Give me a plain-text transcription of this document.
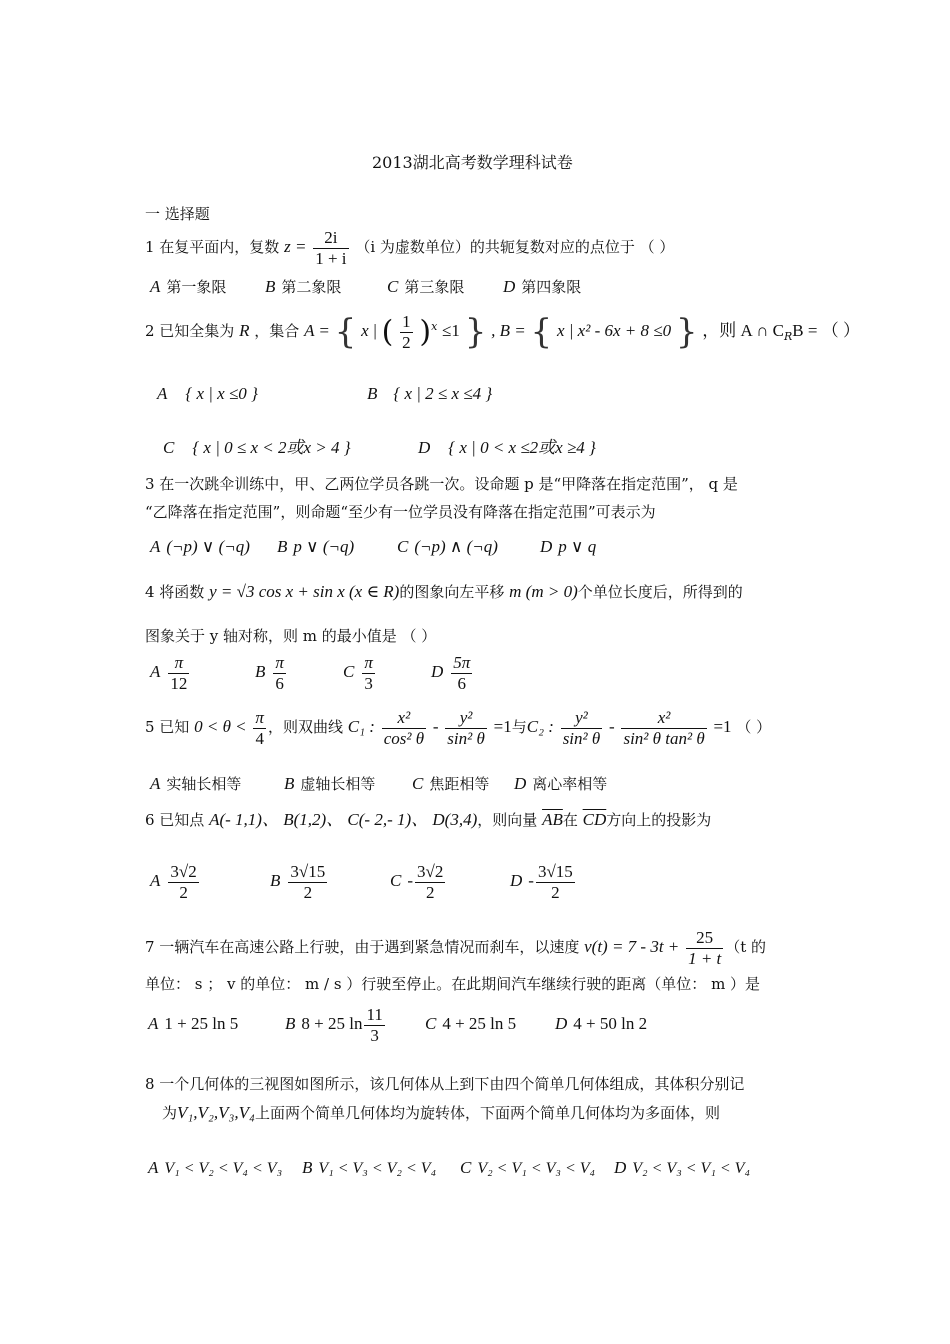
2013湖北高考数学理科试卷
一 选择题
1 在复平面内，复数 $z = \frac{2i}{1 + i} (i$ 为虚数单位）的共轭复数对应的点位于 （ ）
A 第一象限 B 第二象限	C 第三象限 D 第四象限
2 已知全集为 R ，集合 A = { x | ( $\frac{1}{2} )^x \le 1$ } , B = { x | x² - 6x + 8 ≤0 } ，则 A ∩ $C_RB$ = （ ）
A { x | x ≤0 }	B { x | 2 ≤ x ≤4 }
C { x | 0 ≤ x < 2或x > 4 }	D { x | 0 < x ≤2或x ≥4 }
3 在一次跳伞训练中，甲、乙两位学员各跳一次。设命题 p 是“甲降落在指定范围”， q 是
“乙降落在指定范围”，则命题“至少有一位学员没有降落在指定范围”可表示为
A (¬p) ∨ (¬q) B p ∨ (¬q)	C (¬p) ∧ (¬q) D p ∨ q
4 将函数 y = √3 cos x + sin x (x ∈ R)的图象向左平移 m (m > 0)个单位长度后，所得到的
图象关于 y 轴对称，则 m 的最小值是 （ ）
A $\frac{\pi}{12}$	B $\frac{\pi}{6}$	C $\frac{\pi}{3}$	D $\frac{5\pi}{6}$
5 已知 $0 < \theta < \frac{\pi}{4}$ ，则双曲线 C₁ : $\frac{\text{x²}}{\text{cos² θ}} - \frac{\text{y²}}{\text{sin² θ}} =1$与C₂ : $\frac{\text{y²}}{\text{sin² θ}} - \frac{\text{x²}}{\text{sin² θ tan² θ}} =1$ （ ）
A 实轴长相等	B 虚轴长相等 C 焦距相等 D 离心率相等
6 已知点 A(- 1,1)、 B(1,2)、 C(- 2,- 1)、 D(3,4)，则向量 $\overline{AB}$在 $\overline{CD}$方向上的投影为
A $\frac{3√2}{2}$	B $\frac{3√15}{2}$	C - $\frac{3√2}{2}$	D - $\frac{3√15}{2}$
7 一辆汽车在高速公路上行驶，由于遇到紧急情况而刹车，以速度 $v(t) = 7 - 3t + \frac{25}{1 + t} (t$ 的
单位： s ； v 的单位： m / s ）行驶至停止。在此期间汽车继续行驶的距离（单位： m ）是
A 1 + 25 ln 5	B 8 + 25 $\ln \frac{11}{3}$ C 4 + 25 ln 5 D 4 + 50 ln 2
8 一个几何体的三视图如图所示，该几何体从上到下由四个简单几何体组成，其体积分别记
为V₁,V₂,V₃,V₄上面两个简单几何体均为旋转体，下面两个简单几何体均为多面体，则
A V₁ < V₂ < V₄ < V₃ B V₁ < V₃ < V₂ < V₄ C V₂ < V₁ < V₃ < V₄ D V₂ < V₃ < V₁ < V₄
